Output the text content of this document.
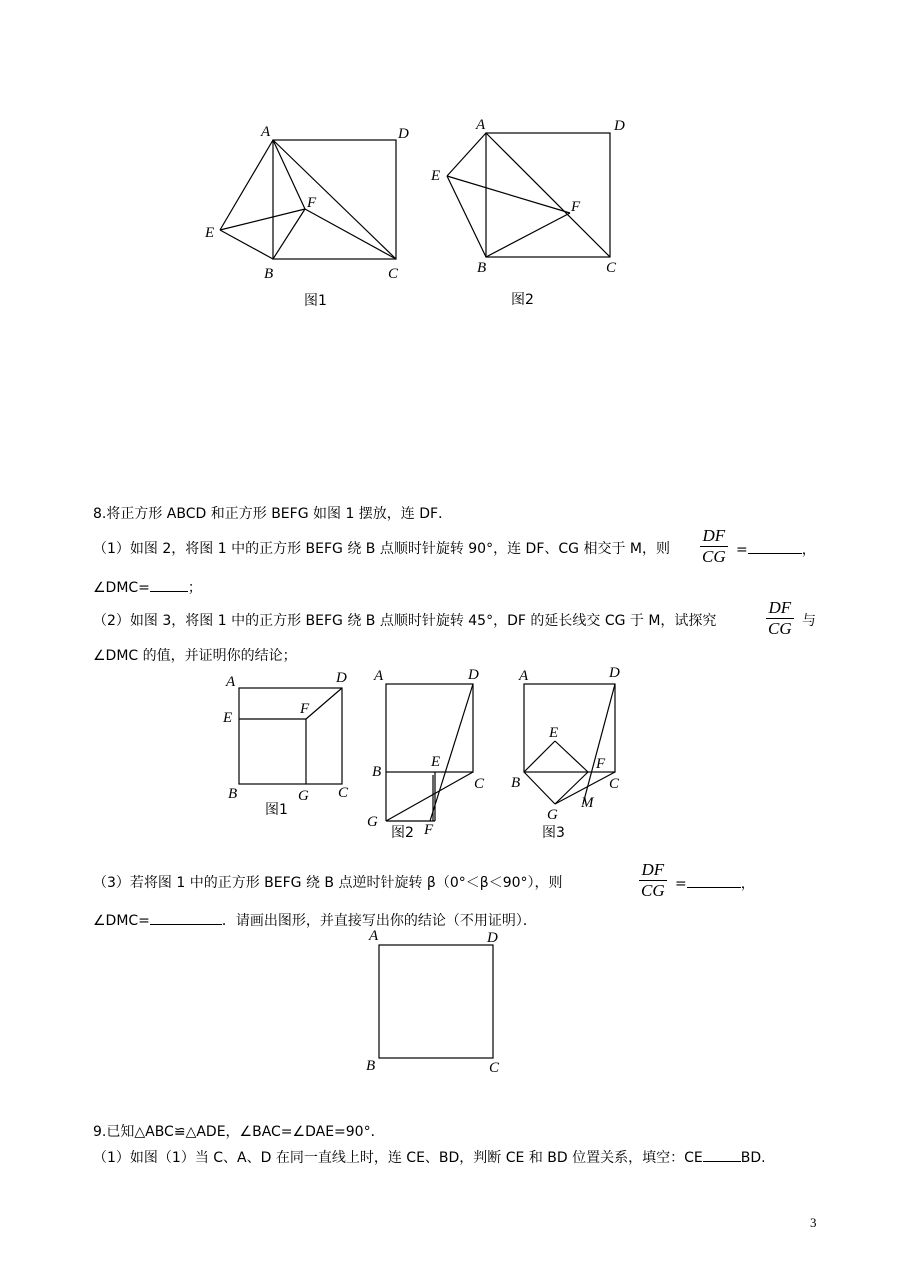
A	D
E
F
B	C
图1
A	D
E
F
B	C
图2
8.将正方形 ABCD 和正方形 BEFG 如图 1 摆放，连 DF．
（1）如图 2，将图 1 中的正方形 BEFG 绕 B 点顺时针旋转 90°，连 DF、CG 相交于 M，则 $\frac{DF}{CG}$ =	，
∠DMC=	；
（2）如图 3，将图 1 中的正方形 BEFG 绕 B 点顺时针旋转 45°，DF 的延长线交 CG 于 M，试探究	$\frac{DF}{CG}$ 与
∠DMC 的值，并证明你的结论；
A	D
E
F
B	G C
图1
A	D
E
B
C
G	F
图2
A	D
E
B
F
C
G
M
图3
（3）若将图 1 中的正方形 BEFG 绕 B 点逆时针旋转 β（0°＜β＜90°），则	$\frac{DF}{CG}$ =	，
∠DMC=	．请画出图形，并直接写出你的结论（不用证明）．
A	D
B	C
9.已知△ABC≌△ADE，∠BAC=∠DAE=90°．
（1）如图（1）当 C、A、D 在同一直线上时，连 CE、BD，判断 CE 和 BD 位置关系，填空：CE	BD.
3
